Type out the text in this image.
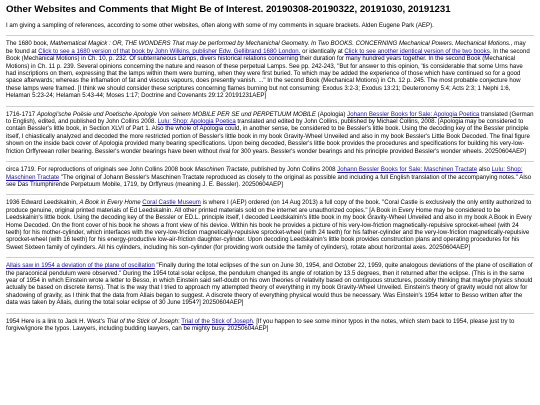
Other Websites and Comments that Might Be of Interest. 20190308-20190322, 20191030, 20191231

I am giving a sampling of references, according to some other websites, often along with some of my comments in square brackets. Alden Eugene Park (AEP).

The 1680 book, Mathematical Magick : OR, THE WONDERS That may be performed by Mechanichal Geometry. In Two BOOKS. CONCERNING Mechanical Powers. Mechanical Motions., may be found at Click to see a 1680 version of that book by John Wilkins, publisher Edw. Gellibrand 1680 London. or identically at Click to see another identical version of the two books. In the second Book (Mechanical Motions) in Ch. 10, p. 232. Of subterraneous Lamps, divers historical relations concerning their duration for many hundred years together. In the second Book (Mechanical Motions) in Ch. 11 p. 239. Several opinions concerning the nature and reason of these perpetual Lamps. See pp. 242-243, "But for answer to this opinion, 'tis considerable that some Urns have had inscriptions on them, expressing that the lamps within them were burning, when they were first buried. To which may be added the experience of those which have continued so for a good space afterwards; whereas the inflamation of fat and viscous vapours, does presently vanish. ..." In the second Book (Mechanical Motions) in Ch. 12 p. 245. The most probable conjecture how these lamps were framed. [I think we should consider these scriptures concerning flames burning but not consuming: Exodus 3:2-3; Exodus 13:21; Deuteronomy 5:4; Acts 2:3; 1 Nephi 1:6, Helaman 5:23-24; Helaman 5:43-44; Moses 1:17; Doctrine and Covenants 29:12 20191231AEP]

1716-1717 Apologi'sche Poësie und Poetische Apologie Von seinem MOBILE PER SE und PERPETUUM MOBILE (Apologia) Johann Bessler Books for Sale: Apologia Poetica translated (German to English), edited, and published by John Collins 2008. Lulu: Shop: Apologia Poetica translated and edited by John Collins, published by Michael Collins, 2008. [Apologia may be considered to contain Bessler's little book, in Section XLVI of Part 1. Also the whole of Apologia could, in another sense, be considered to be Bessler's little book. Using the decoding key of the Bessler principle itself, I chiastically analyzed and decoded the more restricted portion of Bessler's little book in my book Gravity-Wheel Unveiled and also in my book Bessler's Little Book Decoded. The final figure shown on the inside back cover of Apologia provided many bearing specifications. Upon being decoded, Bessler's little book provides the procedures and specifications for building his very-low-friction Orffyreean roller bearing. Bessler's wonder bearings have been without rival for 300 years. Bessler's wonder bearings and his principle provided Bessler's wonder wheels. 20250604AEP]

circa 1719. For reproductions of originals see John Collins 2008 book Maschinen Tractate, published by John Collins 2008 Johann Bessler Books for Sale: Maschinen Tractate also Lulu: Shop: Maschinen Tractate "The original of Johann Bessler's Maschinen Tractate reproduced as closely to the original as possible and including a full English translation of the accompanying notes." Also see Das Triumphirende Perpetuum Mobile, 1719, by Orffyreus (meaning J. E. Bessler). 20250604AEP]

1936 Edward Leedskalnin, A Book in Every Home Coral Castle Museum is where I (AEP) ordered (on 14 Aug 2013) a full copy of the book. "Coral Castle is exclusively the only entity authorized to produce genuine, original printed materials of Ed Leedskalnin. All other printed materials sold on the internet are unauthorized copies." [A Book in Every Home may be considered to be Leedskalnin's little book. Using the decoding key of the Bessler or ED.L. principle itself, I decoded Leedskalnin's little book in my book Gravity-Wheel Unveiled and also in my book A Book in Every Home Decoded. On the front cover of his book he shows a front view of his device. Within his book he provides a picture of his very-low-friction magnetically-repulsive sprocket-wheel (with 24 teeth) for his mother-cylinder, which interfaces with the very-low-friction magnetically-repulsive sprocket-wheel (with 24 teeth) for his father-cylinder and the very-low-friction magnetically-repulsive sprocket-wheel (with 16 teeth) for his energy-productive low-air-friction daughter-cylinder. Upon decoding Leedskalnin's little book provides construction plans and operating procedures for his Sweet Sixteen family of cylinders. All his cylinders, including his son-cylinder (for providing work outside the family of cylinders), rotate about horizontal axes. 20250604AEP]

Allais saw in 1954 a deviation of the plane of oscillation "Finally during the total eclipses of the sun on June 30, 1954, and October 22, 1959, quite analogous deviations of the plane of oscillation of the paraconical pendulum were observed." During the 1954 total solar eclipse, the pendulum changed its angle of rotation by 13.5 degrees, then it returned after the eclipse. (This is in the same year of 1954 in which Einstein wrote a letter to Besso, in which Einstein said self-doubt on his own theories of relativity based on contiguous structures, possibly thinking that maybe physics should actually be based on discrete items). That is the way that I tried to approach my attempted theory of everything in my book Gravity-Wheel Unveiled. Einstein's theory of gravity would not allow for shadowing of gravity, as I think that the data from Allais began to suggest. A discrete theory of everything physical would thus be necessary. Was Einstein's 1954 letter to Besso written after the data was taken by Allais, during the total solar eclipse of 30 June 1954?] 20250604AEP]

1954 Here is a link to Jack H. West's Trial of the Stick of Joseph: Trial of the Stick of Joseph. [If you happen to see some minor typos in the notes, which stem back to 1954, please just try to forgive/ignore the typos. Lawyers, including budding lawyers, can be mighty busy. 20250604AEP]
